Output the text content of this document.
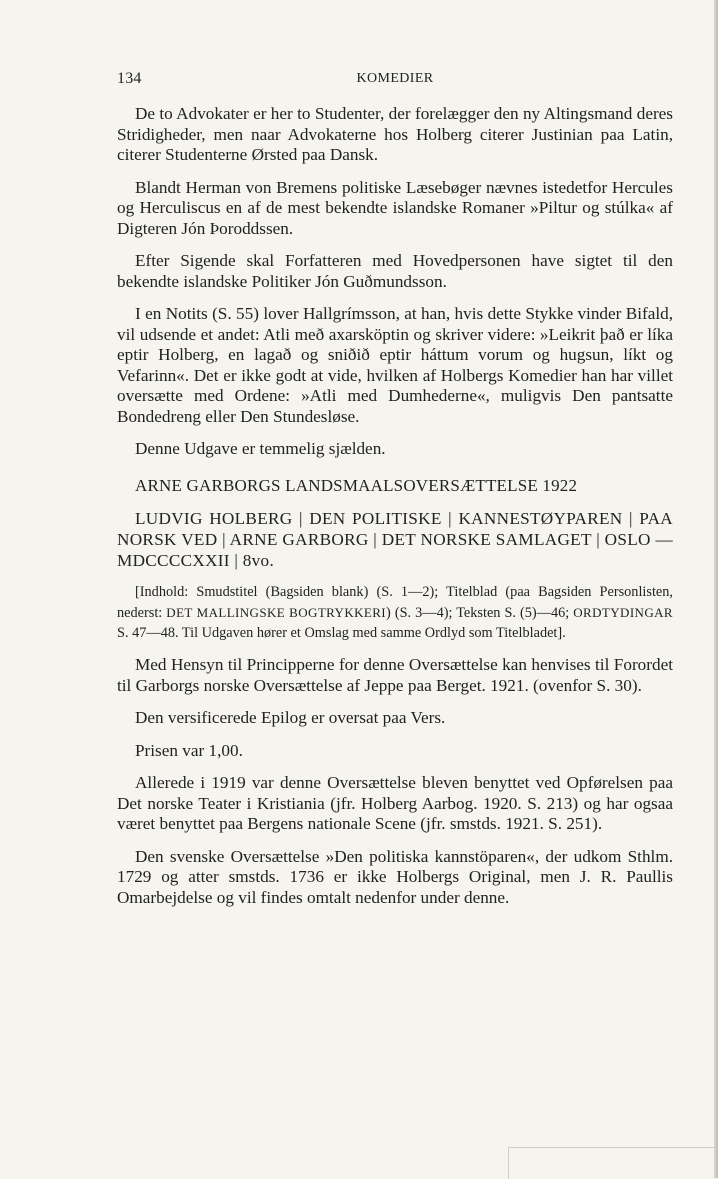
134	KOMEDIER

De to Advokater er her to Studenter, der forelægger den ny Altingsmand deres Stridigheder, men naar Advokaterne hos Holberg citerer Justinian paa Latin, citerer Studenterne Ørsted paa Dansk.

Blandt Herman von Bremens politiske Læsebøger nævnes istedetfor Hercules og Herculiscus en af de mest bekendte islandske Romaner »Piltur og stúlka« af Digteren Jón Þoroddssen.

Efter Sigende skal Forfatteren med Hovedpersonen have sigtet til den bekendte islandske Politiker Jón Guðmundsson.

I en Notits (S. 55) lover Hallgrímsson, at han, hvis dette Stykke vinder Bifald, vil udsende et andet: Atli með axarsköptin og skriver videre: »Leikrit það er líka eptir Holberg, en lagað og sniðið eptir háttum vorum og hugsun, líkt og Vefarinn«. Det er ikke godt at vide, hvilken af Holbergs Komedier han har villet oversætte med Ordene: »Atli med Dumhederne«, muligvis Den pantsatte Bondedreng eller Den Stundesløse.

Denne Udgave er temmelig sjælden.

ARNE GARBORGS LANDSMAALSOVERSÆTTELSE 1922

LUDVIG HOLBERG | DEN POLITISKE | KANNESTØYPAREN | PAA NORSK VED | ARNE GARBORG | DET NORSKE SAMLAGET | OSLO — MDCCCCXXII | 8vo.

[Indhold: Smudstitel (Bagsiden blank) (S. 1—2); Titelblad (paa Bagsiden Personlisten, nederst: DET MALLINGSKE BOGTRYKKERI) (S. 3—4); Teksten S. (5)—46; ORDTYDINGAR S. 47—48. Til Udgaven hører et Omslag med samme Ordlyd som Titelbladet].

Med Hensyn til Principperne for denne Oversættelse kan henvises til Forordet til Garborgs norske Oversættelse af Jeppe paa Berget. 1921. (ovenfor S. 30).

Den versificerede Epilog er oversat paa Vers.

Prisen var 1,00.

Allerede i 1919 var denne Oversættelse bleven benyttet ved Opførelsen paa Det norske Teater i Kristiania (jfr. Holberg Aarbog. 1920. S. 213) og har ogsaa været benyttet paa Bergens nationale Scene (jfr. smstds. 1921. S. 251).

Den svenske Oversættelse »Den politiska kannstöparen«, der udkom Sthlm. 1729 og atter smstds. 1736 er ikke Holbergs Original, men J. R. Paullis Omarbejdelse og vil findes omtalt nedenfor under denne.
